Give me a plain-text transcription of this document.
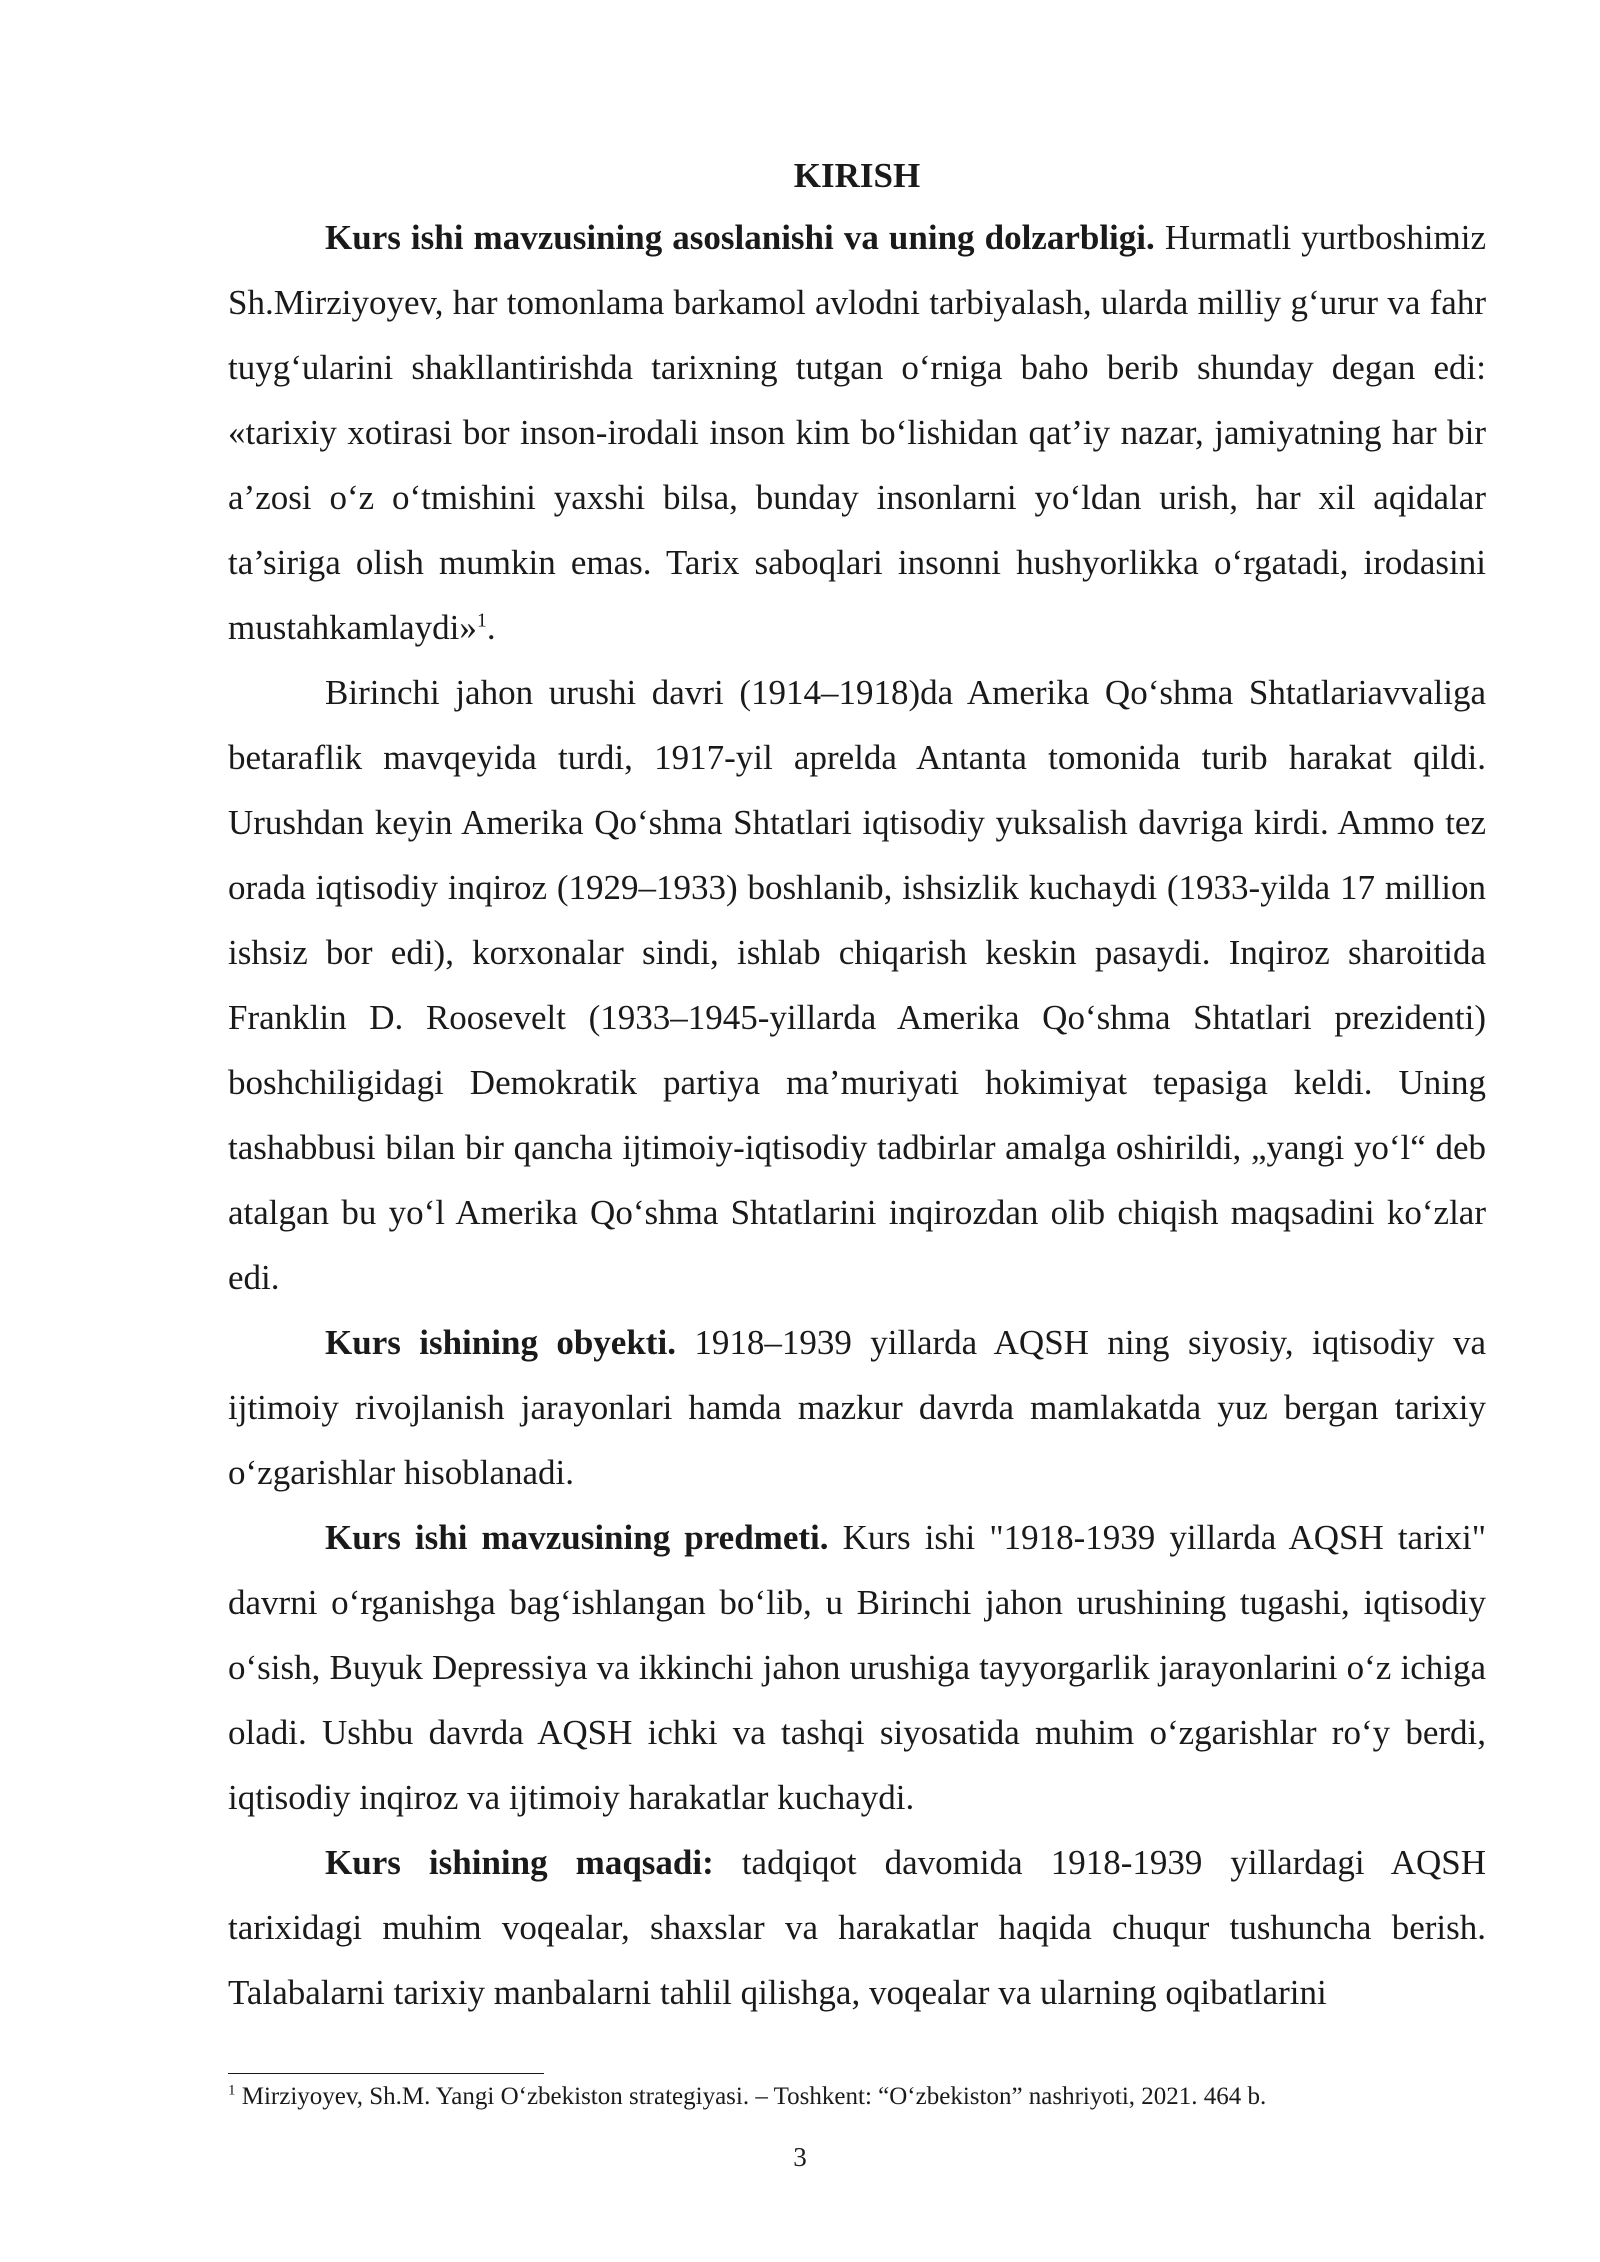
KIRISH

Kurs ishi mavzusining asoslanishi va uning dolzarbligi. Hurmatli yurtboshimiz Sh.Mirziyoyev, har tomonlama barkamol avlodni tarbiyalash, ularda milliy g‘urur va fahr tuyg‘ularini shakllantirishda tarixning tutgan o‘rniga baho berib shunday degan edi: «tarixiy xotirasi bor inson-irodali inson kim bo‘lishidan qat’iy nazar, jamiyatning har bir a’zosi o‘z o‘tmishini yaxshi bilsa, bunday insonlarni yo‘ldan urish, har xil aqidalar ta’siriga olish mumkin emas. Tarix saboqlari insonni hushyorlikka o‘rgatadi, irodasini mustahkamlaydi»$^1$.

Birinchi jahon urushi davri (1914–1918)da Amerika Qo‘shma Shtatlariavvaliga betaraflik mavqeyida turdi, 1917-yil aprelda Antanta tomonida turib harakat qildi. Urushdan keyin Amerika Qo‘shma Shtatlari iqtisodiy yuksalish davriga kirdi. Ammo tez orada iqtisodiy inqiroz (1929–1933) boshlanib, ishsizlik kuchaydi (1933-yilda 17 million ishsiz bor edi), korxonalar sindi, ishlab chiqarish keskin pasaydi. Inqiroz sharoitida Franklin D. Roosevelt (1933–1945-yillarda Amerika Qo‘shma Shtatlari prezidenti) boshchiligidagi Demokratik partiya ma’muriyati hokimiyat tepasiga keldi. Uning tashabbusi bilan bir qancha ijtimoiy-iqtisodiy tadbirlar amalga oshirildi, „yangi yo‘l“ deb atalgan bu yo‘l Amerika Qo‘shma Shtatlarini inqirozdan olib chiqish maqsadini ko‘zlar edi.

Kurs ishining obyekti. 1918–1939 yillarda AQSH ning siyosiy, iqtisodiy va ijtimoiy rivojlanish jarayonlari hamda mazkur davrda mamlakatda yuz bergan tarixiy o‘zgarishlar hisoblanadi.

Kurs ishi mavzusining predmeti. Kurs ishi "1918-1939 yillarda AQSH tarixi" davrni o‘rganishga bag‘ishlangan bo‘lib, u Birinchi jahon urushining tugashi, iqtisodiy o‘sish, Buyuk Depressiya va ikkinchi jahon urushiga tayyorgarlik jarayonlarini o‘z ichiga oladi. Ushbu davrda AQSH ichki va tashqi siyosatida muhim o‘zgarishlar ro‘y berdi, iqtisodiy inqiroz va ijtimoiy harakatlar kuchaydi.

Kurs ishining maqsadi: tadqiqot davomida 1918-1939 yillardagi AQSH tarixidagi muhim voqealar, shaxslar va harakatlar haqida chuqur tushuncha berish. Talabalarni tarixiy manbalarni tahlil qilishga, voqealar va ularning oqibatlarini

$^1$ Mirziyoyev, Sh.M. Yangi O‘zbekiston strategiyasi. – Toshkent: “O‘zbekiston” nashriyoti, 2021. 464 b.
3
